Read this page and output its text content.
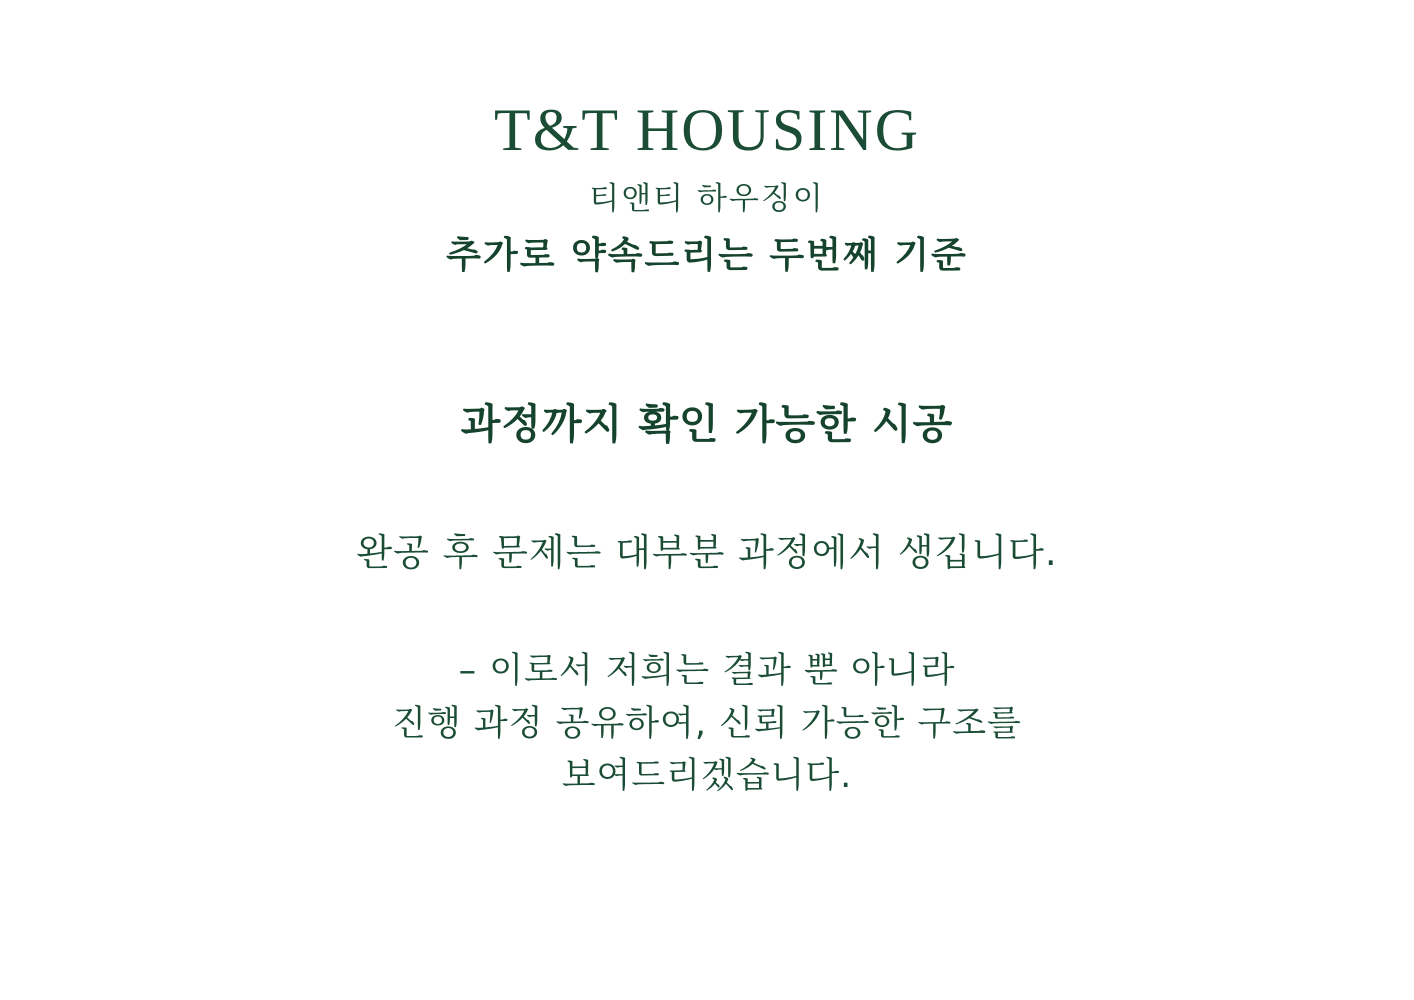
T&T HOUSING

티앤티 하우징이

추가로 약속드리는 두번째 기준

과정까지 확인 가능한 시공

완공 후 문제는 대부분 과정에서 생깁니다.

– 이로서 저희는 결과 뿐 아니라
진행 과정 공유하여, 신뢰 가능한 구조를
보여드리겠습니다.
